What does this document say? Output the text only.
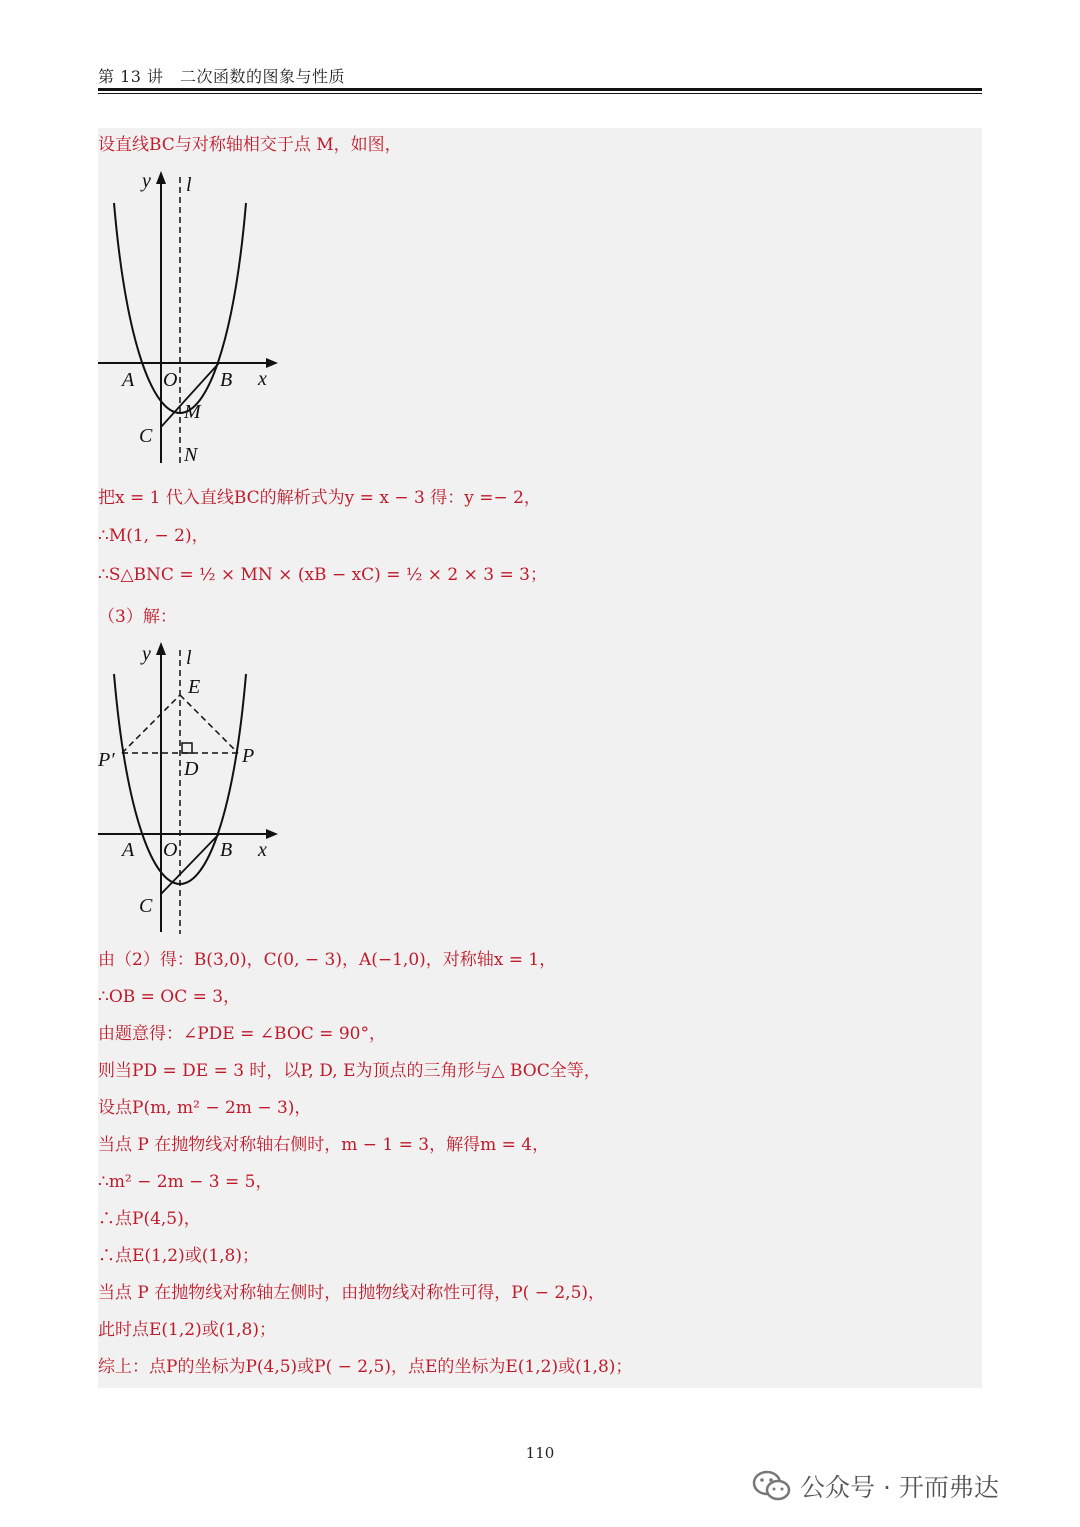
第 13 讲　二次函数的图象与性质
设直线BC与对称轴相交于点 M，如图，
y l
x
A O B
M
C
N
把x = 1 代入直线BC的解析式为y = x − 3 得：y =− 2，
∴M(1, − 2)，
∴S△BNC = ½ × MN × (xB − xC) = ½ × 2 × 3 = 3；
（3）解：
y l
E
P′	P
D
x
A O B
C
由（2）得：B(3,0)，C(0, − 3)，A(−1,0)，对称轴x = 1，
∴OB = OC = 3，
由题意得：∠PDE = ∠BOC = 90°，
则当PD = DE = 3 时，以P, D, E为顶点的三角形与△ BOC全等，
设点P(m, m² − 2m − 3)，
当点 P 在抛物线对称轴右侧时，m − 1 = 3，解得m = 4，
∴m² − 2m − 3 = 5，
∴点P(4,5)，
∴点E(1,2)或(1,8)；
当点 P 在抛物线对称轴左侧时，由抛物线对称性可得，P( − 2,5)，
此时点E(1,2)或(1,8)；
综上：点P的坐标为P(4,5)或P( − 2,5)，点E的坐标为E(1,2)或(1,8)；
110
公众号 · 开而弗达
